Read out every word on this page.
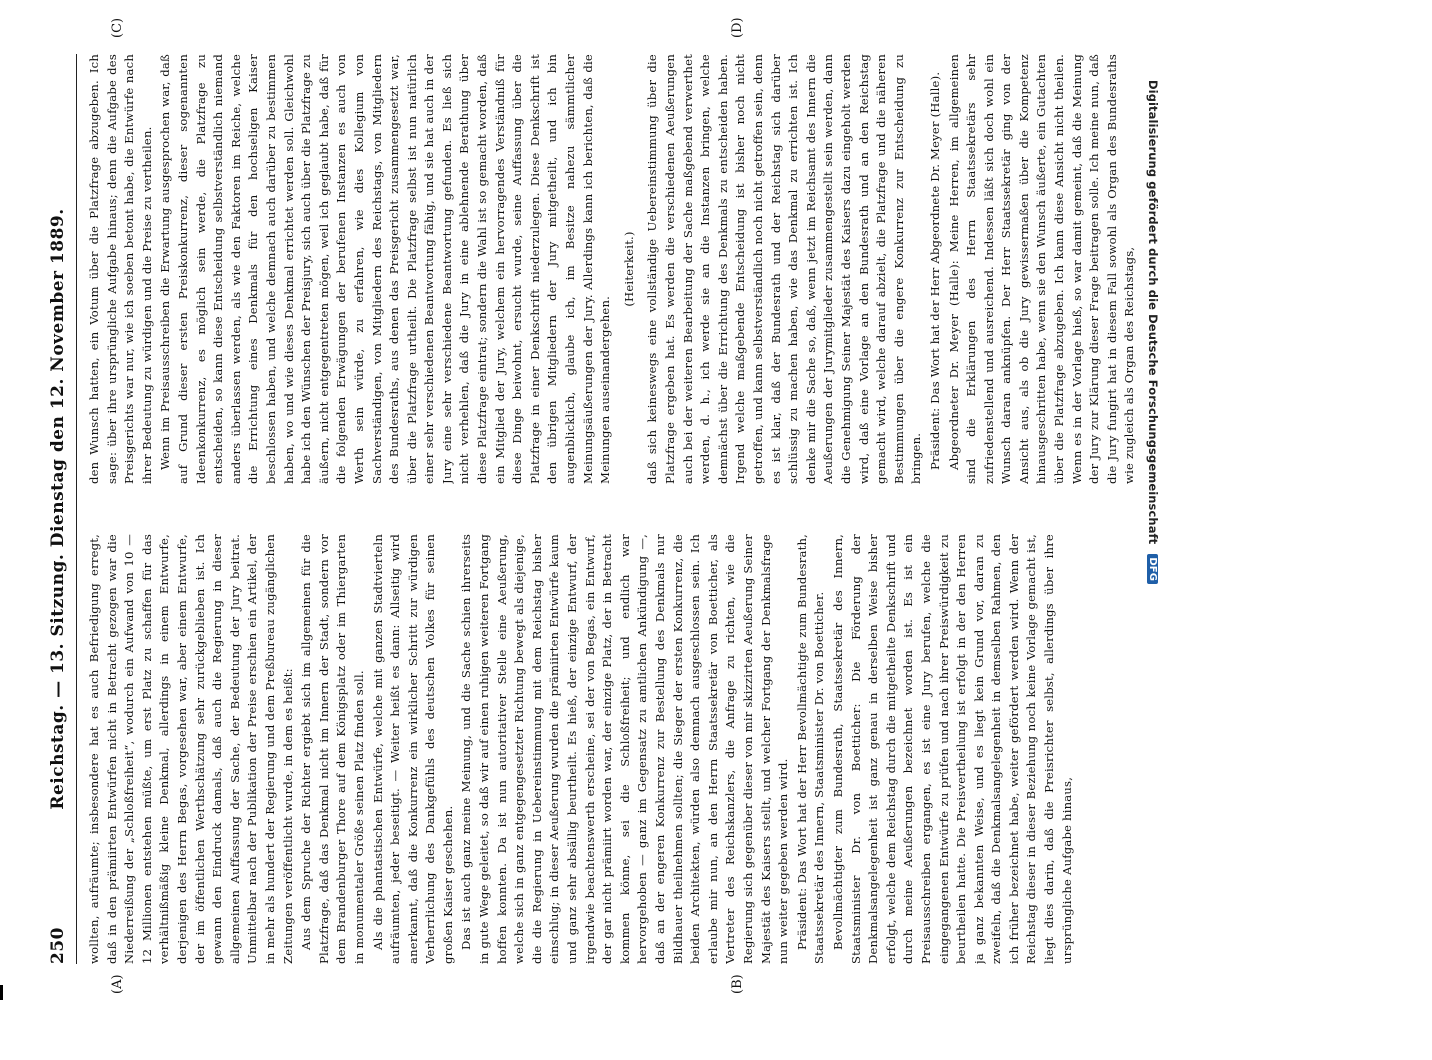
250
Reichstag. — 13. Sitzung. Dienstag den 12. November 1889.
(A)	(B)
(C)	(D)

wollten, aufräumte; insbesondere hat es auch Befriedigung erregt, daß in den prämiirten Entwürfen nicht in Betracht gezogen war die Niederreißung der „Schloßfreiheit“, wodurch ein Aufwand von 10 — 12 Millionen entstehen müßte, um erst Platz zu schaffen für das verhältnißmäßig kleine Denkmal, allerdings in einem Entwurfe, derjenigen des Herrn Begas, vorgesehen war, aber einem Entwurfe, der im öffentlichen Werthschätzung sehr zurückgeblieben ist. Ich gewann den Eindruck damals, daß auch die Regierung in dieser allgemeinen Auffassung der Sache, der Bedeutung der Jury beitrat. Unmittelbar nach der Publikation der Preise erschien ein Artikel, der in mehr als hundert der Regierung und dem Preßbureau zugänglichen Zeitungen veröffentlicht wurde, in dem es heißt: Aus dem Spruche der Richter ergiebt sich im allgemeinen für die Platzfrage, daß das Denkmal nicht im Innern der Stadt, sondern vor dem Brandenburger Thore auf dem Königsplatz oder im Thiergarten in monumentaler Größe seinen Platz finden soll. Als die phantastischen Entwürfe, welche mit ganzen Stadtvierteln aufräumten, jeder beseitigt. — Weiter heißt es dann: Allseitig wird anerkannt, daß die Konkurrenz ein wirklicher Schritt zur würdigen Verherrlichung des Dankgefühls des deutschen Volkes für seinen großen Kaiser geschehen. Das ist auch ganz meine Meinung, und die Sache schien ihrerseits in gute Wege geleitet, so daß wir auf einen ruhigen weiteren Fortgang hoffen konnten. Da ist nun autoritativer Stelle eine Aeußerung, welche sich in ganz entgegengesetzter Richtung bewegt als diejenige, die die Regierung in Uebereinstimmung mit dem Reichstag bisher einschlug; in dieser Aeußerung wurden die prämiirten Entwürfe kaum und ganz sehr absällig beurtheilt. Es hieß, der einzige Entwurf, der irgendwie beachtenswerth erscheine, sei der von Begas, ein Entwurf, der gar nicht prämiirt worden war, der einzige Platz, der in Betracht kommen könne, sei die Schloßfreiheit; und endlich war hervorgehoben — ganz im Gegensatz zu amtlichen Ankündigung —, daß an der engeren Konkurrenz zur Bestellung des Denkmals nur Bildhauer theilnehmen sollten; die Sieger der ersten Konkurrenz, die beiden Architekten, würden also demnach ausgeschlossen sein. Ich erlaube mir nun, an den Herrn Staatssekretär von Boetticher, als Vertreter des Reichskanzlers, die Anfrage zu richten, wie die Regierung sich gegenüber dieser von mir skizzirten Aeußerung Seiner Majestät des Kaisers stellt, und welcher Fortgang der Denkmalsfrage nun weiter gegeben werden wird. Präsident: Das Wort hat der Herr Bevollmächtigte zum Bundesrath, Staatssekretär des Innern, Staatsminister Dr. von Boetticher. Bevollmächtigter zum Bundesrath, Staatssekretär des Innern, Staatsminister Dr. von Boetticher: Die Förderung der Denkmalsangelegenheit ist ganz genau in derselben Weise bisher erfolgt, welche dem Reichstag durch die mitgetheilte Denkschrift und durch meine Aeußerungen bezeichnet worden ist. Es ist ein Preisausschreiben ergangen, es ist eine Jury berufen, welche die eingegangenen Entwürfe zu prüfen und nach ihrer Preiswürdigkeit zu beurtheilen hatte. Die Preisvertheilung ist erfolgt in der den Herren ja ganz bekannten Weise, und es liegt kein Grund vor, daran zu zweifeln, daß die Denkmalsangelegenheit in demselben Rahmen, den ich früher bezeichnet habe, weiter gefördert werden wird. Wenn der Reichstag dieser in dieser Beziehung noch keine Vorlage gemacht ist, liegt dies darin, daß die Preisrichter selbst, allerdings über ihre ursprüngliche Aufgabe hinaus,

den Wunsch hatten, ein Votum über die Platzfrage abzugeben. Ich sage: über ihre ursprüngliche Aufgabe hinaus; denn die Aufgabe des Preisgerichts war nur, wie ich soeben betont habe, die Entwürfe nach ihrer Bedeutung zu würdigen und die Preise zu vertheilen. Wenn im Preisausschreiben die Erwartung ausgesprochen war, daß auf Grund dieser ersten Preiskonkurrenz, dieser sogenannten Ideenkonkurrenz, es möglich sein werde, die Platzfrage zu entscheiden, so kann diese Entscheidung selbstverständlich niemand anders überlassen werden, als wie den Faktoren im Reiche, welche die Errichtung eines Denkmals für den hochseligen Kaiser beschlossen haben, und welche demnach auch darüber zu bestimmen haben, wo und wie dieses Denkmal errichtet werden soll. Gleichwohl habe ich den Wünschen der Preisjury, sich auch über die Platzfrage zu äußern, nicht entgegentreten mögen, weil ich geglaubt habe, daß für die folgenden Erwägungen der berufenen Instanzen es auch von Werth sein würde, zu erfahren, wie dies Kollegium von Sachverständigen, von Mitgliedern des Reichstags, von Mitgliedern des Bundesraths, aus denen das Preisgericht zusammengesetzt war, über die Platzfrage urtheilt. Die Platzfrage selbst ist nun natürlich einer sehr verschiedenen Beantwortung fähig, und sie hat auch in der Jury eine sehr verschiedene Beantwortung gefunden. Es ließ sich nicht verhehlen, daß die Jury in eine ablehnende Berathung über diese Platzfrage eintrat; sondern die Wahl ist so gemacht worden, daß ein Mitglied der Jury, welchem ein hervorragendes Verständniß für diese Dinge beiwohnt, ersucht wurde, seine Auffassung über die Platzfrage in einer Denkschrift niederzulegen. Diese Denkschrift ist den übrigen Mitgliedern der Jury mitgetheilt, und ich bin augenblicklich, glaube ich, im Besitze nahezu sämmtlicher Meinungsäußerungen der Jury. Allerdings kann ich berichten, daß die Meinungen auseinandergehen.

(Heiterkeit.) daß sich keineswegs eine vollständige Uebereinstimmung über die Platzfrage ergeben hat. Es werden die verschiedenen Aeußerungen auch bei der weiteren Bearbeitung der Sache maßgebend verwerthet werden, d. h., ich werde sie an die Instanzen bringen, welche demnächst über die Errichtung des Denkmals zu entscheiden haben. Irgend welche maßgebende Entscheidung ist bisher noch nicht getroffen, und kann selbstverständlich noch nicht getroffen sein, denn es ist klar, daß der Bundesrath und der Reichstag sich darüber schlüssig zu machen haben, wie das Denkmal zu errichten ist. Ich denke mir die Sache so, daß, wenn jetzt im Reichsamt des Innern die Aeußerungen der Jurymitglieder zusammengestellt sein werden, dann die Genehmigung Seiner Majestät des Kaisers dazu eingeholt werden wird, daß eine Vorlage an den Bundesrath und an den Reichstag gemacht wird, welche darauf abzielt, die Platzfrage und die näheren Bestimmungen über die engere Konkurrenz zur Entscheidung zu bringen. Präsident: Das Wort hat der Herr Abgeordnete Dr. Meyer (Halle). Abgeordneter Dr. Meyer (Halle): Meine Herren, im allgemeinen sind die Erklärungen des Herrn Staatssekretärs sehr zufriedenstellend und ausreichend. Indessen läßt sich doch wohl ein Wunsch daran anknüpfen. Der Herr Staatssekretär ging von der Ansicht aus, als ob die Jury gewissermaßen über die Kompetenz hinausgeschritten habe, wenn sie den Wunsch äußerte, ein Gutachten über die Platzfrage abzugeben. Ich kann diese Ansicht nicht theilen. Wenn es in der Vorlage hieß, so war damit gemeint, daß die Meinung der Jury zur Klärung dieser Frage beitragen solle. Ich meine nun, daß die Jury fungirt hat in diesem Fall sowohl als Organ des Bundesraths wie zugleich als Organ des Reichstags, Digitalisierung gefördert durch die Deutsche Forschungsgemeinschaft DFG
